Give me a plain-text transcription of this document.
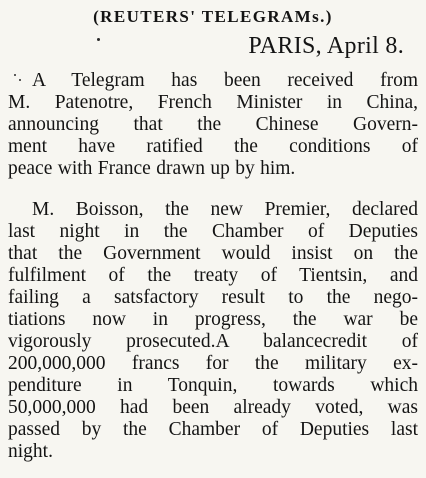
(REUTERS' TELEGRAMs.)
PARIS, April 8.
A Telegram has been received from
M. Patenotre, French Minister in China,
announcing that the Chinese Govern-
ment have ratified the conditions of
peace with France drawn up by him.
M. Boisson, the new Premier, declared
last night in the Chamber of Deputies
that the Government would insist on the
fulfilment of the treaty of Tientsin, and
failing a satsfactory result to the nego-
tiations now in progress, the war be
vigorously prosecuted.A balancecredit of
200,000,000 francs for the military ex-
penditure in Tonquin, towards which
50,000,000 had been already voted, was
passed by the Chamber of Deputies last
night.
